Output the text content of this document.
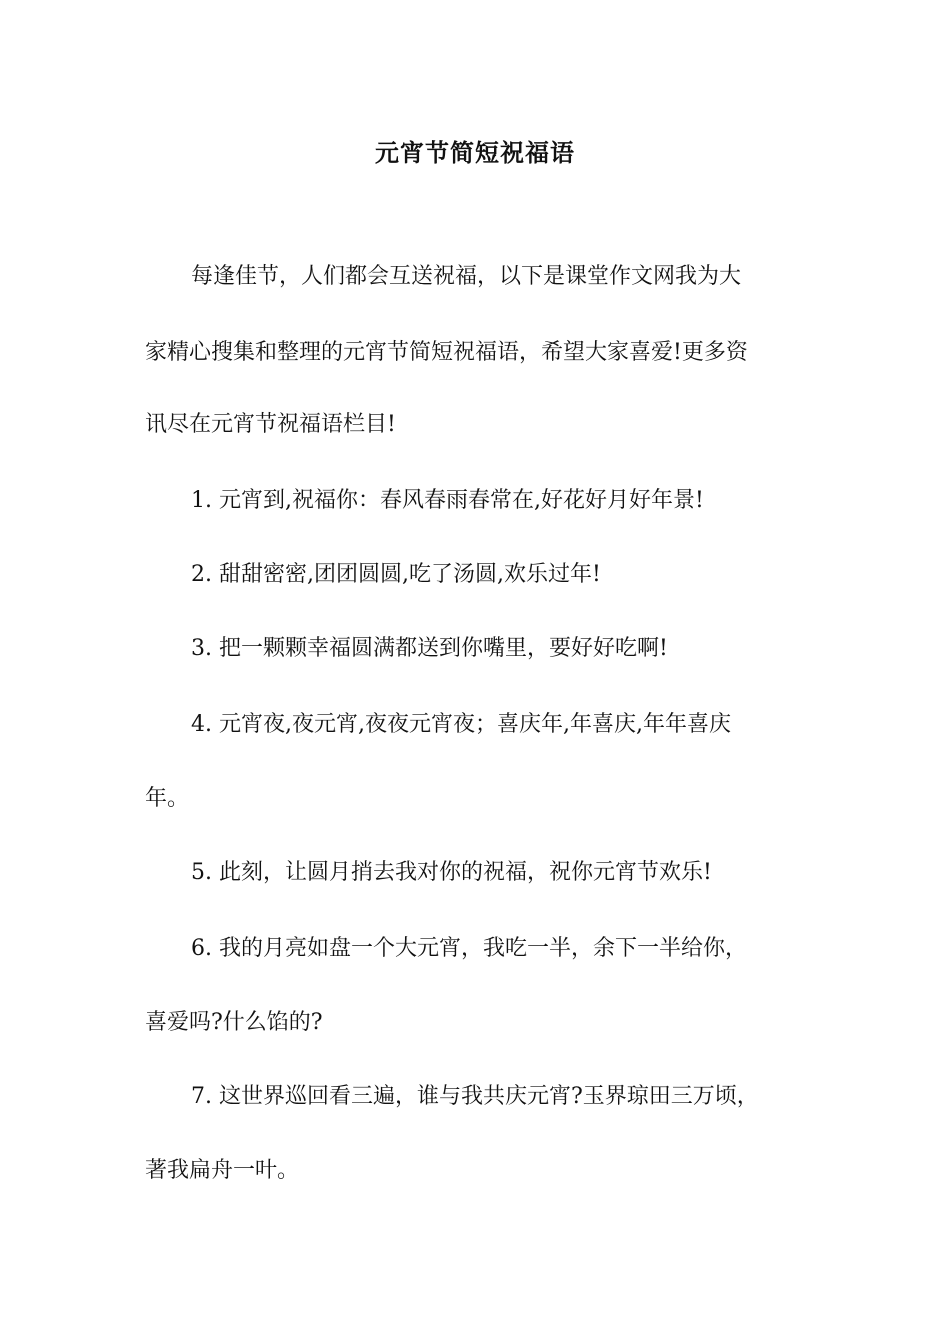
元宵节简短祝福语
每逢佳节，人们都会互送祝福，以下是课堂作文网我为大
家精心搜集和整理的元宵节简短祝福语，希望大家喜爱!更多资
讯尽在元宵节祝福语栏目!
1. 元宵到,祝福你：春风春雨春常在,好花好月好年景!
2. 甜甜密密,团团圆圆,吃了汤圆,欢乐过年!
3. 把一颗颗幸福圆满都送到你嘴里，要好好吃啊!
4. 元宵夜,夜元宵,夜夜元宵夜；喜庆年,年喜庆,年年喜庆
年。
5. 此刻，让圆月捎去我对你的祝福，祝你元宵节欢乐!
6. 我的月亮如盘一个大元宵，我吃一半，余下一半给你，
喜爱吗?什么馅的?
7. 这世界巡回看三遍，谁与我共庆元宵?玉界琼田三万顷，
著我扁舟一叶。
